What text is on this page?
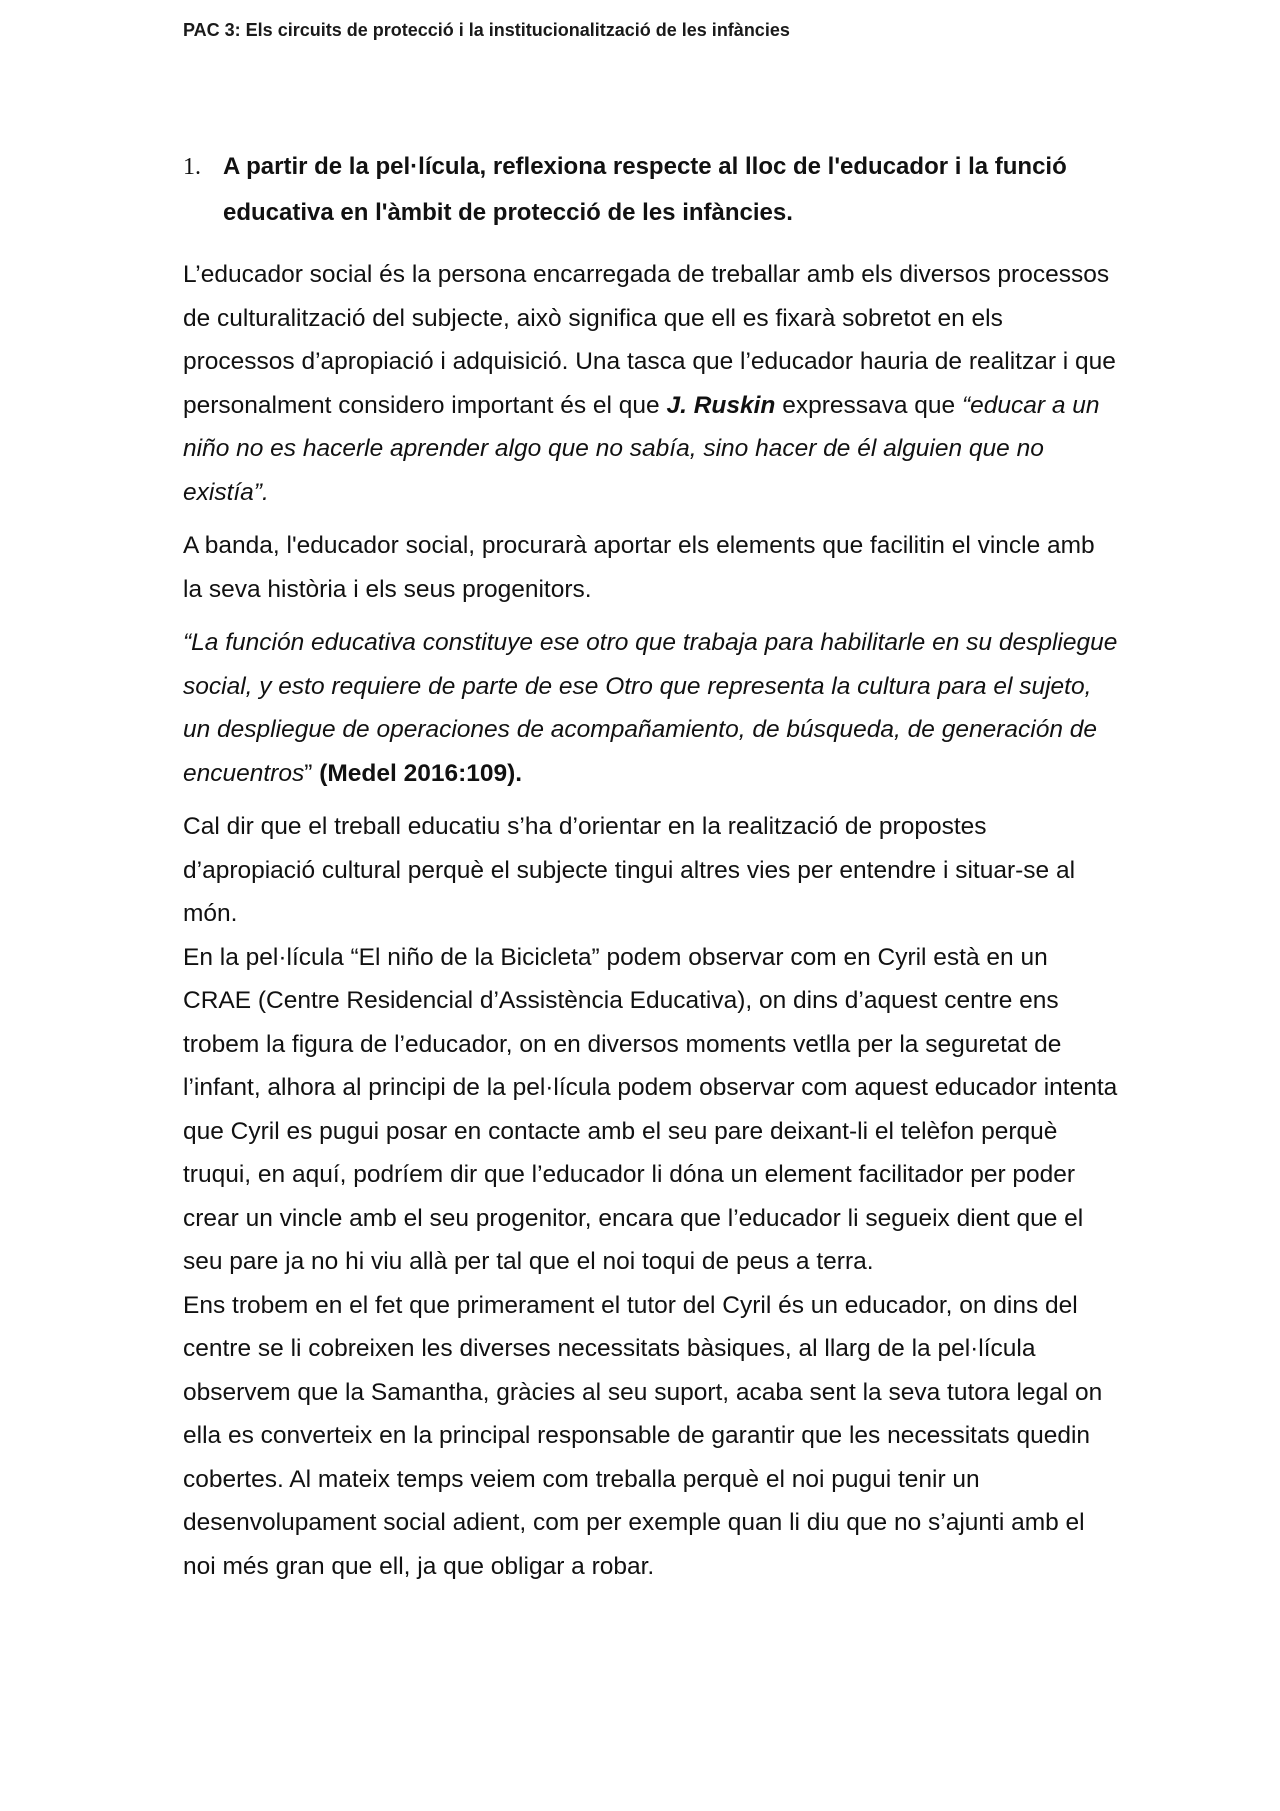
PAC 3: Els circuits de protecció i la institucionalització de les infàncies
1. A partir de la pel·lícula, reflexiona respecte al lloc de l'educador i la funció educativa en l'àmbit de protecció de les infàncies.

L’educador social és la persona encarregada de treballar amb els diversos processos de culturalització del subjecte, això significa que ell es fixarà sobretot en els processos d’apropiació i adquisició. Una tasca que l’educador hauria de realitzar i que personalment considero important és el que J. Ruskin expressava que “educar a un niño no es hacerle aprender algo que no sabía, sino hacer de él alguien que no existía”.

A banda, l'educador social, procurarà aportar els elements que facilitin el vincle amb la seva història i els seus progenitors.

“La función educativa constituye ese otro que trabaja para habilitarle en su despliegue social, y esto requiere de parte de ese Otro que representa la cultura para el sujeto, un despliegue de operaciones de acompañamiento, de búsqueda, de generación de encuentros” (Medel 2016:109).

Cal dir que el treball educatiu s’ha d’orientar en la realització de propostes d’apropiació cultural perquè el subjecte tingui altres vies per entendre i situar-se al món.

En la pel·lícula “El niño de la Bicicleta” podem observar com en Cyril està en un CRAE (Centre Residencial d’Assistència Educativa), on dins d’aquest centre ens trobem la figura de l’educador, on en diversos moments vetlla per la seguretat de l’infant, alhora al principi de la pel·lícula podem observar com aquest educador intenta que Cyril es pugui posar en contacte amb el seu pare deixant-li el telèfon perquè truqui, en aquí, podríem dir que l’educador li dóna un element facilitador per poder crear un vincle amb el seu progenitor, encara que l’educador li segueix dient que el seu pare ja no hi viu allà per tal que el noi toqui de peus a terra.

Ens trobem en el fet que primerament el tutor del Cyril és un educador, on dins del centre se li cobreixen les diverses necessitats bàsiques, al llarg de la pel·lícula observem que la Samantha, gràcies al seu suport, acaba sent la seva tutora legal on ella es converteix en la principal responsable de garantir que les necessitats quedin cobertes. Al mateix temps veiem com treballa perquè el noi pugui tenir un desenvolupament social adient, com per exemple quan li diu que no s’ajunti amb el noi més gran que ell, ja que obligar a robar.
